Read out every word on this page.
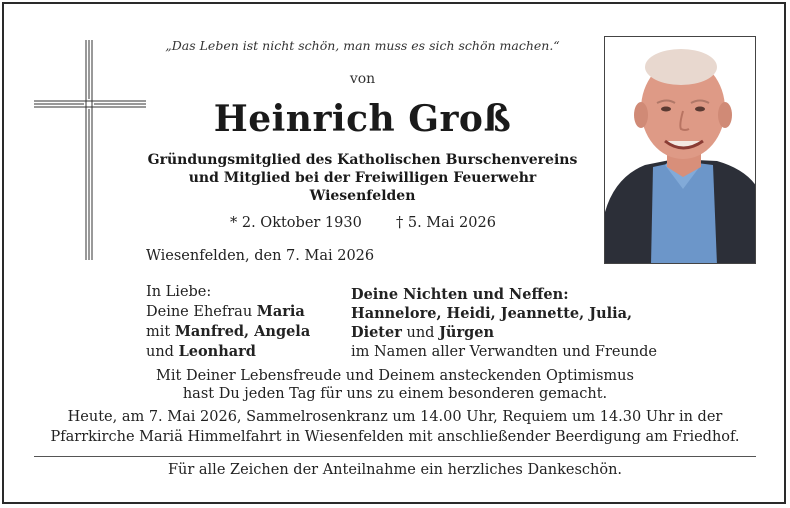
„Das Leben ist nicht schön, man muss es sich schön machen.“
von
Heinrich Groß
Gründungsmitglied des Katholischen Burschenvereins
und Mitglied bei der Freiwilligen Feuerwehr
Wiesenfelden
* 2. Oktober 1930 † 5. Mai 2026
Wiesenfelden, den 7. Mai 2026
In Liebe:
Deine Ehefrau Maria
mit Manfred, Angela
und Leonhard
Deine Nichten und Neffen:
Hannelore, Heidi, Jeannette, Julia,
Dieter und Jürgen
im Namen aller Verwandten und Freunde
Mit Deiner Lebensfreude und Deinem ansteckenden Optimismus
hast Du jeden Tag für uns zu einem besonderen gemacht.
Heute, am 7. Mai 2026, Sammelrosenkranz um 14.00 Uhr, Requiem um 14.30 Uhr in der
Pfarrkirche Mariä Himmelfahrt in Wiesenfelden mit anschließender Beerdigung am Friedhof.
Für alle Zeichen der Anteilnahme ein herzliches Dankeschön.
